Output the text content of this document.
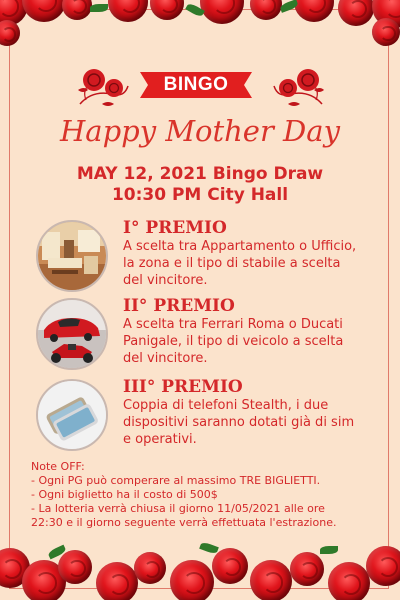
BINGO
Happy Mother Day
MAY 12, 2021 Bingo Draw
10:30 PM City Hall
I° PREMIO
A scelta tra Appartamento o Ufficio, la zona e il tipo di stabile a scelta del vincitore.
II° PREMIO
A scelta tra Ferrari Roma o Ducati Panigale, il tipo di veicolo a scelta del vincitore.
III° PREMIO
Coppia di telefoni Stealth, i due dispositivi saranno dotati già di sim e operativi.
Note OFF:
- Ogni PG può comperare al massimo TRE BIGLIETTI.
- Ogni biglietto ha il costo di 500$
- La lotteria verrà chiusa il giorno 11/05/2021 alle ore
22:30 e il giorno seguente verrà effettuata l'estrazione.
